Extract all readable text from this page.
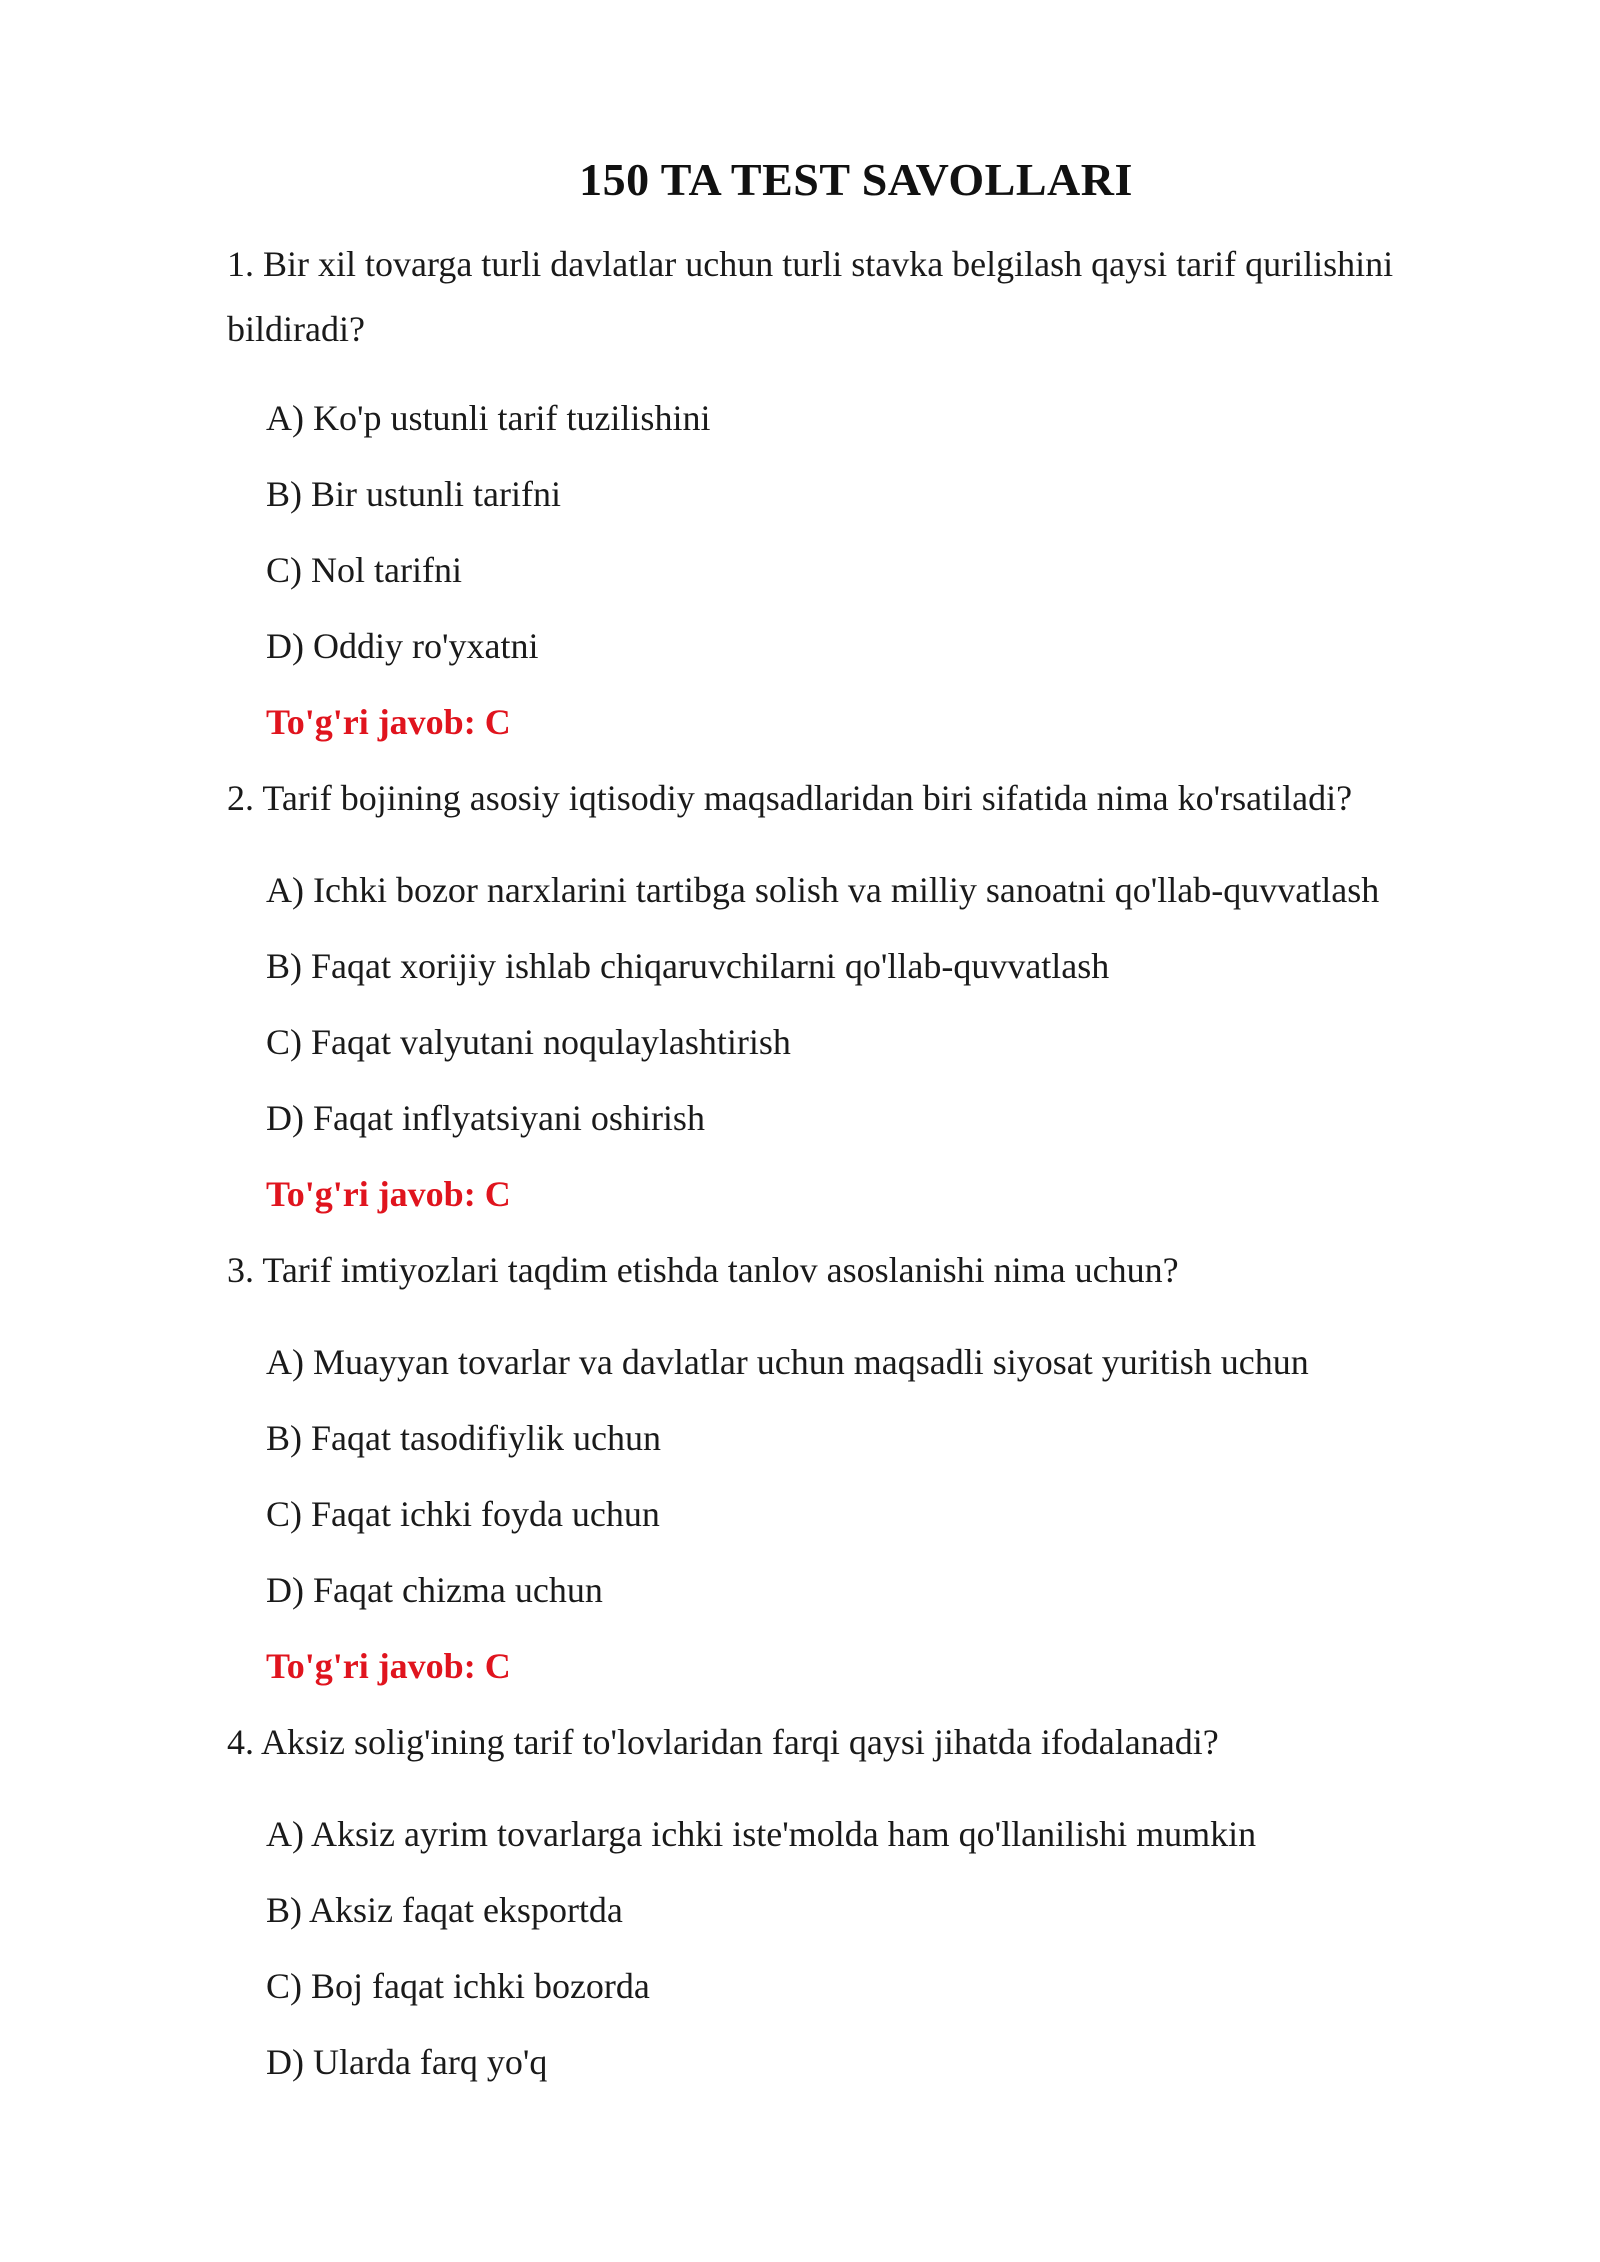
150 TA TEST SAVOLLARI
1. Bir xil tovarga turli davlatlar uchun turli stavka belgilash qaysi tarif qurilishini bildiradi?
A) Ko'p ustunli tarif tuzilishini
B) Bir ustunli tarifni
C) Nol tarifni
D) Oddiy ro'yxatni
To'g'ri javob: C
2. Tarif bojining asosiy iqtisodiy maqsadlaridan biri sifatida nima ko'rsatiladi?
A) Ichki bozor narxlarini tartibga solish va milliy sanoatni qo'llab-quvvatlash
B) Faqat xorijiy ishlab chiqaruvchilarni qo'llab-quvvatlash
C) Faqat valyutani noqulaylashtirish
D) Faqat inflyatsiyani oshirish
To'g'ri javob: C
3. Tarif imtiyozlari taqdim etishda tanlov asoslanishi nima uchun?
A) Muayyan tovarlar va davlatlar uchun maqsadli siyosat yuritish uchun
B) Faqat tasodifiylik uchun
C) Faqat ichki foyda uchun
D) Faqat chizma uchun
To'g'ri javob: C
4. Aksiz solig'ining tarif to'lovlaridan farqi qaysi jihatda ifodalanadi?
A) Aksiz ayrim tovarlarga ichki iste'molda ham qo'llanilishi mumkin
B) Aksiz faqat eksportda
C) Boj faqat ichki bozorda
D) Ularda farq yo'q
